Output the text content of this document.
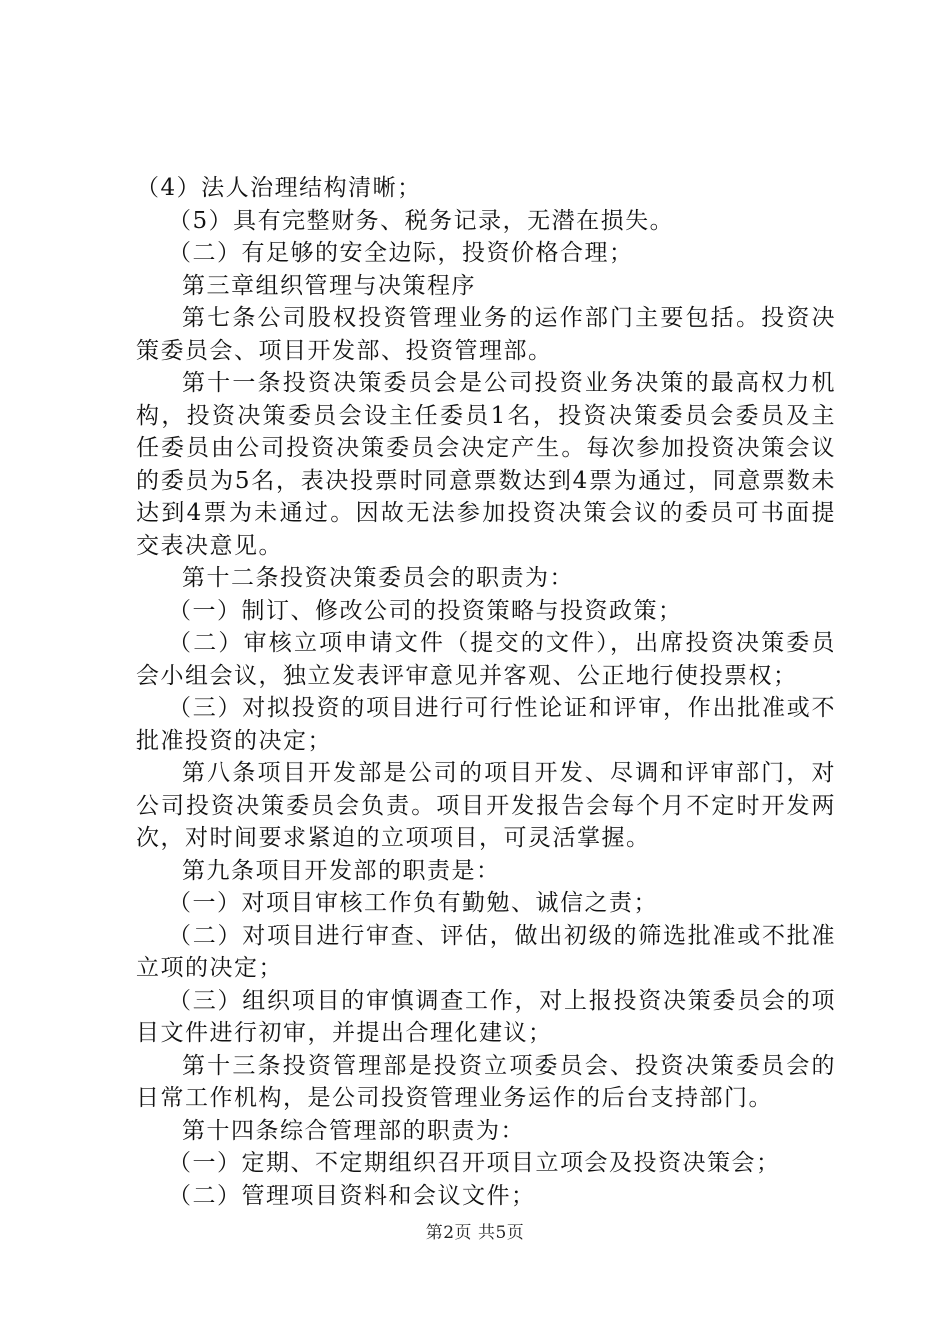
（4）法人治理结构清晰；

（5）具有完整财务、税务记录，无潜在损失。

（二）有足够的安全边际，投资价格合理；

第三章组织管理与决策程序

第七条公司股权投资管理业务的运作部门主要包括。投资决策委员会、项目开发部、投资管理部。

第十一条投资决策委员会是公司投资业务决策的最高权力机构，投资决策委员会设主任委员1名，投资决策委员会委员及主任委员由公司投资决策委员会决定产生。每次参加投资决策会议的委员为5名，表决投票时同意票数达到4票为通过，同意票数未达到4票为未通过。因故无法参加投资决策会议的委员可书面提交表决意见。

第十二条投资决策委员会的职责为：

（一）制订、修改公司的投资策略与投资政策；

（二）审核立项申请文件（提交的文件），出席投资决策委员会小组会议，独立发表评审意见并客观、公正地行使投票权；

（三）对拟投资的项目进行可行性论证和评审，作出批准或不批准投资的决定；

第八条项目开发部是公司的项目开发、尽调和评审部门，对公司投资决策委员会负责。项目开发报告会每个月不定时开发两次，对时间要求紧迫的立项项目，可灵活掌握。

第九条项目开发部的职责是：

（一）对项目审核工作负有勤勉、诚信之责；

（二）对项目进行审查、评估，做出初级的筛选批准或不批准立项的决定；

（三）组织项目的审慎调查工作，对上报投资决策委员会的项目文件进行初审，并提出合理化建议；

第十三条投资管理部是投资立项委员会、投资决策委员会的日常工作机构，是公司投资管理业务运作的后台支持部门。

第十四条综合管理部的职责为：

（一）定期、不定期组织召开项目立项会及投资决策会；

（二）管理项目资料和会议文件；

第2页 共5页
